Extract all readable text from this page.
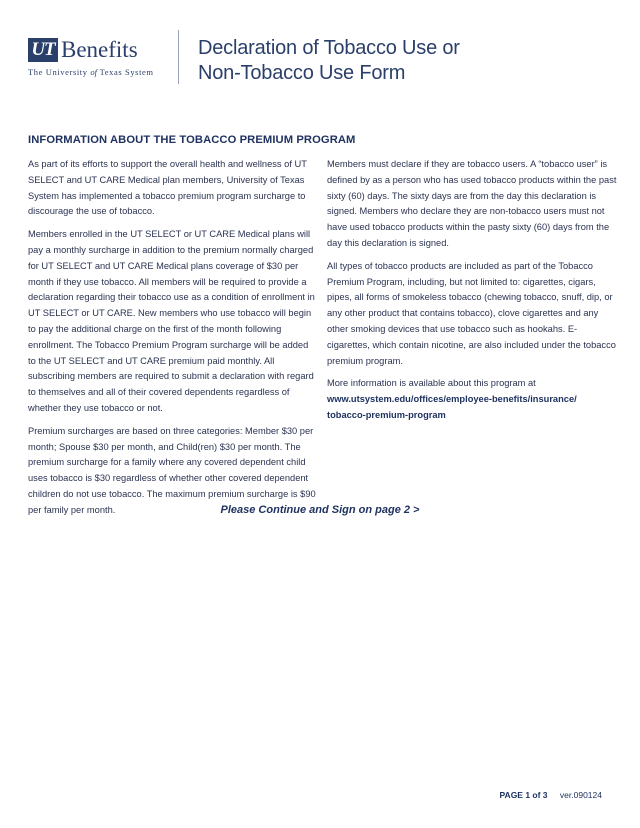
UT Benefits
The University of Texas System
Declaration of Tobacco Use or
Non-Tobacco Use Form
INFORMATION ABOUT THE TOBACCO PREMIUM PROGRAM

As part of its efforts to support the overall health and wellness of UT SELECT and UT CARE Medical plan members, University of Texas System has implemented a tobacco premium program surcharge to discourage the use of tobacco.

Members enrolled in the UT SELECT or UT CARE Medical plans will pay a monthly surcharge in addition to the premium normally charged for UT SELECT and UT CARE Medical plans coverage of $30 per month if they use tobacco. All members will be required to provide a declaration regarding their tobacco use as a condition of enrollment in UT SELECT or UT CARE. New members who use tobacco will begin to pay the additional charge on the first of the month following enrollment. The Tobacco Premium Program surcharge will be added to the UT SELECT and UT CARE premium paid monthly. All subscribing members are required to submit a declaration with regard to themselves and all of their covered dependents regardless of whether they use tobacco or not.

Premium surcharges are based on three categories: Member $30 per month; Spouse $30 per month, and Child(ren) $30 per month. The premium surcharge for a family where any covered dependent child uses tobacco is $30 regardless of whether other covered dependent children do not use tobacco. The maximum premium surcharge is $90 per family per month.

Members must declare if they are tobacco users. A “tobacco user” is defined by as a person who has used tobacco products within the past sixty (60) days. The sixty days are from the day this declaration is signed. Members who declare they are non-tobacco users must not have used tobacco products within the pasty sixty (60) days from the day this declaration is signed.

All types of tobacco products are included as part of the Tobacco Premium Program, including, but not limited to: cigarettes, cigars, pipes, all forms of smokeless tobacco (chewing tobacco, snuff, dip, or any other product that contains tobacco), clove cigarettes and any other smoking devices that use tobacco such as hookahs. E-cigarettes, which contain nicotine, are also included under the tobacco premium program.

More information is available about this program at
www.utsystem.edu/offices/employee-benefits/insurance/
tobacco-premium-program

Please Continue and Sign on page 2 >
PAGE 1 of 3 ver.090124
